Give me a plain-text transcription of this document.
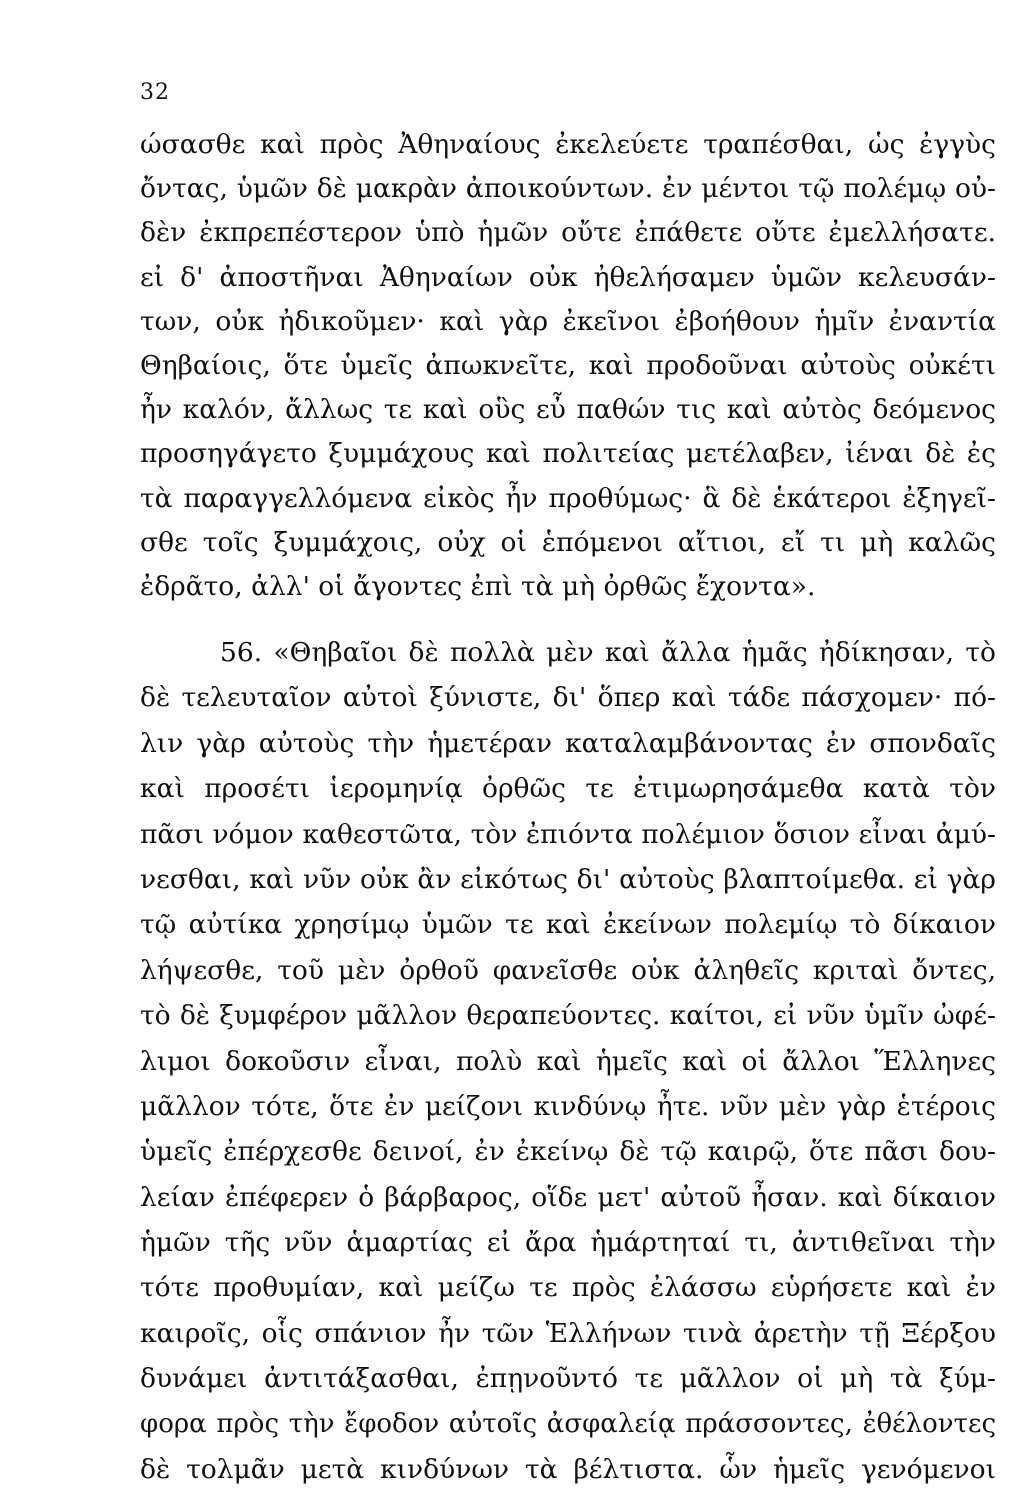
32
ώσασθε καὶ πρὸς Ἀθηναίους ἐκελεύετε τραπέσθαι, ὡς ἐγγὺς
ὄντας, ὑμῶν δὲ μακρὰν ἀποικούντων. ἐν μέντοι τῷ πολέμῳ οὐ-
δὲν ἐκπρεπέστερον ὑπὸ ἡμῶν οὔτε ἐπάθετε οὔτε ἐμελλήσατε.
εἰ δ' ἀποστῆναι Ἀθηναίων οὐκ ἠθελήσαμεν ὑμῶν κελευσάν-
των, οὐκ ἠδικοῦμεν· καὶ γὰρ ἐκεῖνοι ἐβοήθουν ἡμῖν ἐναντία
Θηβαίοις, ὅτε ὑμεῖς ἀπωκνεῖτε, καὶ προδοῦναι αὐτοὺς οὐκέτι
ἦν καλόν, ἄλλως τε καὶ οὓς εὖ παθών τις καὶ αὐτὸς δεόμενος
προσηγάγετο ξυμμάχους καὶ πολιτείας μετέλαβεν, ἰέναι δὲ ἐς
τὰ παραγγελλόμενα εἰκὸς ἦν προθύμως· ἃ δὲ ἑκάτεροι ἐξηγεῖ-
σθε τοῖς ξυμμάχοις, οὐχ οἱ ἑπόμενοι αἴτιοι, εἴ τι μὴ καλῶς
ἐδρᾶτο, ἀλλ' οἱ ἄγοντες ἐπὶ τὰ μὴ ὀρθῶς ἔχοντα».
56. «Θηβαῖοι δὲ πολλὰ μὲν καὶ ἄλλα ἡμᾶς ἠδίκησαν, τὸ
δὲ τελευταῖον αὐτοὶ ξύνιστε, δι' ὅπερ καὶ τάδε πάσχομεν· πό-
λιν γὰρ αὐτοὺς τὴν ἡμετέραν καταλαμβάνοντας ἐν σπονδαῖς
καὶ προσέτι ἱερομηνίᾳ ὀρθῶς τε ἐτιμωρησάμεθα κατὰ τὸν
πᾶσι νόμον καθεστῶτα, τὸν ἐπιόντα πολέμιον ὅσιον εἶναι ἀμύ-
νεσθαι, καὶ νῦν οὐκ ἂν εἰκότως δι' αὐτοὺς βλαπτοίμεθα. εἰ γὰρ
τῷ αὐτίκα χρησίμῳ ὑμῶν τε καὶ ἐκείνων πολεμίῳ τὸ δίκαιον
λήψεσθε, τοῦ μὲν ὀρθοῦ φανεῖσθε οὐκ ἀληθεῖς κριταὶ ὄντες,
τὸ δὲ ξυμφέρον μᾶλλον θεραπεύοντες. καίτοι, εἰ νῦν ὑμῖν ὠφέ-
λιμοι δοκοῦσιν εἶναι, πολὺ καὶ ἡμεῖς καὶ οἱ ἄλλοι Ἕλληνες
μᾶλλον τότε, ὅτε ἐν μείζονι κινδύνῳ ἦτε. νῦν μὲν γὰρ ἑτέροις
ὑμεῖς ἐπέρχεσθε δεινοί, ἐν ἐκείνῳ δὲ τῷ καιρῷ, ὅτε πᾶσι δου-
λείαν ἐπέφερεν ὁ βάρβαρος, οἵδε μετ' αὐτοῦ ἦσαν. καὶ δίκαιον
ἡμῶν τῆς νῦν ἁμαρτίας εἰ ἄρα ἡμάρτηταί τι, ἀντιθεῖναι τὴν
τότε προθυμίαν, καὶ μείζω τε πρὸς ἐλάσσω εὑρήσετε καὶ ἐν
καιροῖς, οἷς σπάνιον ἦν τῶν Ἑλλήνων τινὰ ἀρετὴν τῇ Ξέρξου
δυνάμει ἀντιτάξασθαι, ἐπῃνοῦντό τε μᾶλλον οἱ μὴ τὰ ξύμ-
φορα πρὸς τὴν ἔφοδον αὐτοῖς ἀσφαλείᾳ πράσσοντες, ἐθέλοντες
δὲ τολμᾶν μετὰ κινδύνων τὰ βέλτιστα. ὧν ἡμεῖς γενόμενοι
